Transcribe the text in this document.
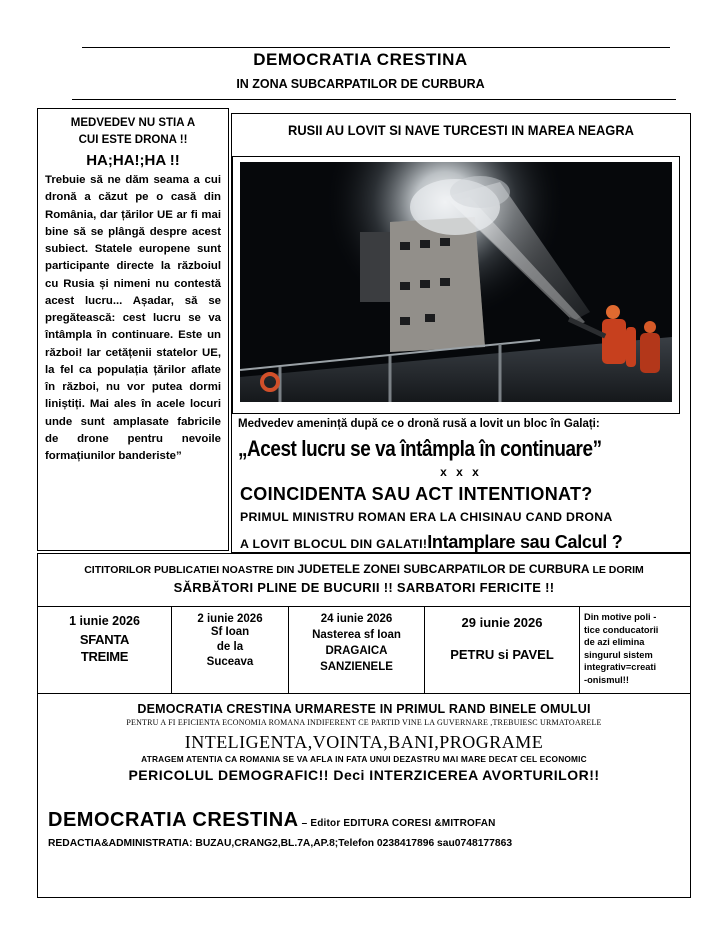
DEMOCRATIA CRESTINA
IN ZONA SUBCARPATILOR DE CURBURA
MEDVEDEV NU STIA A
CUI ESTE DRONA !!
HA;HA!;HA !!
Trebuie să ne dăm seama a cui dronă a căzut pe o casă din România, dar țărilor UE ar fi mai bine să se plângă despre acest subiect. Statele europene sunt participante directe la războiul cu Rusia și nimeni nu contestă acest lucru... Așadar, să se pregătească: cest lucru se va întâmpla în continuare. Este un război! Iar cetățenii statelor UE, la fel ca populația țărilor aflate în război, nu vor putea dormi liniștiți. Mai ales în acele locuri unde sunt amplasate fabricile de drone pentru nevoile formațiunilor banderiste”
RUSII AU LOVIT SI NAVE TURCESTI IN MAREA NEAGRA
Medvedev amenință după ce o dronă rusă a lovit un bloc în Galați:
„Acest lucru se va întâmpla în continuare”
x x x
COINCIDENTA SAU ACT INTENTIONAT?
PRIMUL MINISTRU ROMAN ERA LA CHISINAU CAND DRONA
A LOVIT BLOCUL DIN GALATI!Intamplare sau Calcul ?
CITITORILOR PUBLICATIEI NOASTRE DIN JUDETELE ZONEI SUBCARPATILOR DE CURBURA LE DORIM
SĂRBĂTORI PLINE DE BUCURII !! SARBATORI FERICITE !!
1 iunie 2026
SFANTA
TREIME
2 iunie 2026
Sf Ioan
de la
Suceava
24 iunie 2026
Nasterea sf Ioan
DRAGAICA
SANZIENELE
29 iunie 2026
PETRU si PAVEL
Din motive poli -
tice conducatorii
de azi elimina
singurul sistem
integrativ=creati
-onismul!!
DEMOCRATIA CRESTINA URMARESTE IN PRIMUL RAND BINELE OMULUI
PENTRU A FI EFICIENTA ECONOMIA ROMANA INDIFERENT CE PARTID VINE LA GUVERNARE ,TREBUIESC URMATOARELE
INTELIGENTA,VOINTA,BANI,PROGRAME
ATRAGEM ATENTIA CA ROMANIA SE VA AFLA IN FATA UNUI DEZASTRU MAI MARE DECAT CEL ECONOMIC
PERICOLUL DEMOGRAFIC!! Deci INTERZICEREA AVORTURILOR!!
DEMOCRATIA CRESTINA – Editor EDITURA CORESI &MITROFAN
REDACTIA&ADMINISTRATIA: BUZAU,CRANG2,BL.7A,AP.8;Telefon 0238417896 sau0748177863
